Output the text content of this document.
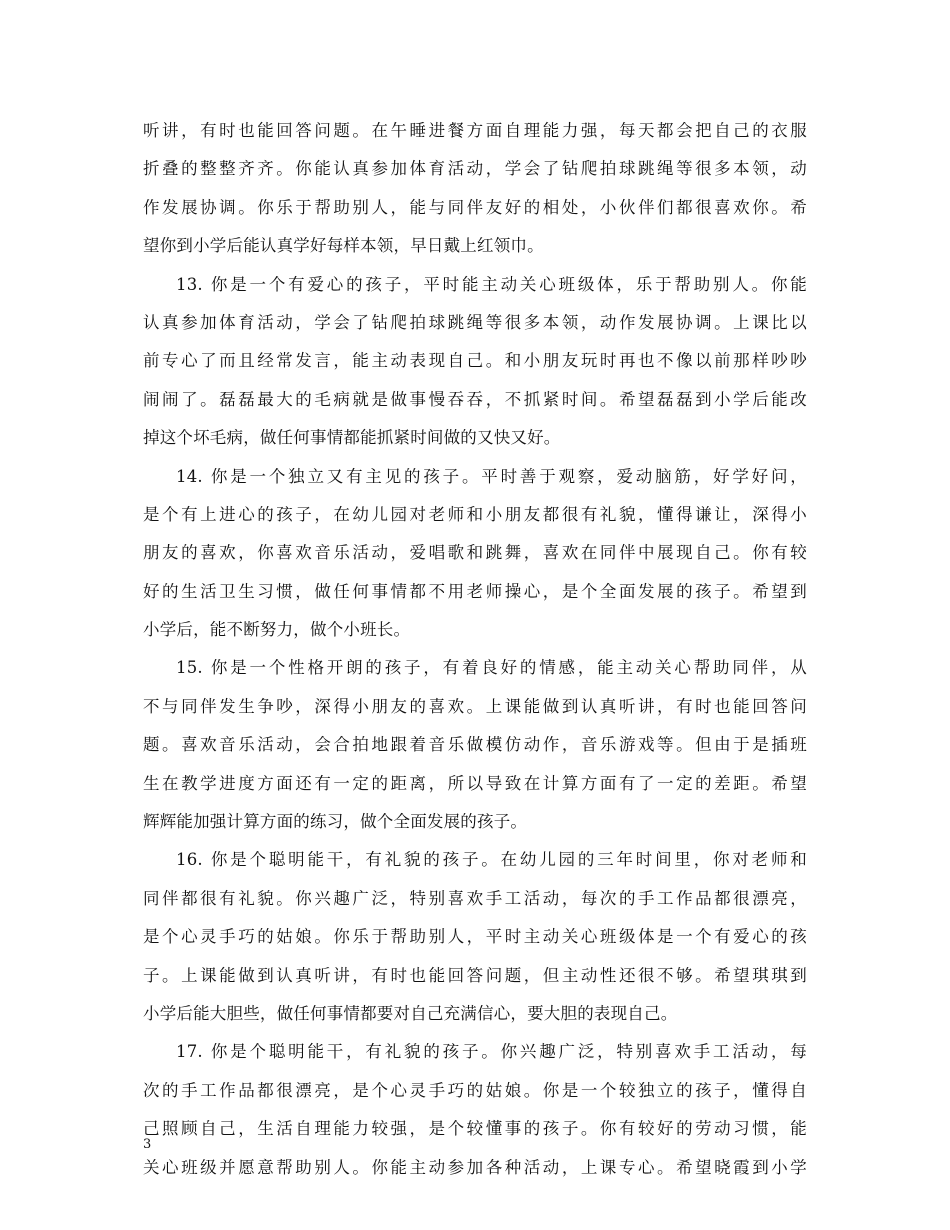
听讲，有时也能回答问题。在午睡进餐方面自理能力强，每天都会把自己的衣服
折叠的整整齐齐。你能认真参加体育活动，学会了钻爬拍球跳绳等很多本领，动
作发展协调。你乐于帮助别人，能与同伴友好的相处，小伙伴们都很喜欢你。希
望你到小学后能认真学好每样本领，早日戴上红领巾。
13. 你是一个有爱心的孩子，平时能主动关心班级体，乐于帮助别人。你能
认真参加体育活动，学会了钻爬拍球跳绳等很多本领，动作发展协调。上课比以
前专心了而且经常发言，能主动表现自己。和小朋友玩时再也不像以前那样吵吵
闹闹了。磊磊最大的毛病就是做事慢吞吞，不抓紧时间。希望磊磊到小学后能改
掉这个坏毛病，做任何事情都能抓紧时间做的又快又好。
14. 你是一个独立又有主见的孩子。平时善于观察，爱动脑筋，好学好问，
是个有上进心的孩子，在幼儿园对老师和小朋友都很有礼貌，懂得谦让，深得小
朋友的喜欢，你喜欢音乐活动，爱唱歌和跳舞，喜欢在同伴中展现自己。你有较
好的生活卫生习惯，做任何事情都不用老师操心，是个全面发展的孩子。希望到
小学后，能不断努力，做个小班长。
15. 你是一个性格开朗的孩子，有着良好的情感，能主动关心帮助同伴，从
不与同伴发生争吵，深得小朋友的喜欢。上课能做到认真听讲，有时也能回答问
题。喜欢音乐活动，会合拍地跟着音乐做模仿动作，音乐游戏等。但由于是插班
生在教学进度方面还有一定的距离，所以导致在计算方面有了一定的差距。希望
辉辉能加强计算方面的练习，做个全面发展的孩子。
16. 你是个聪明能干，有礼貌的孩子。在幼儿园的三年时间里，你对老师和
同伴都很有礼貌。你兴趣广泛，特别喜欢手工活动，每次的手工作品都很漂亮，
是个心灵手巧的姑娘。你乐于帮助别人，平时主动关心班级体是一个有爱心的孩
子。上课能做到认真听讲，有时也能回答问题，但主动性还很不够。希望琪琪到
小学后能大胆些，做任何事情都要对自己充满信心，要大胆的表现自己。
17. 你是个聪明能干，有礼貌的孩子。你兴趣广泛，特别喜欢手工活动，每
次的手工作品都很漂亮，是个心灵手巧的姑娘。你是一个较独立的孩子，懂得自
己照顾自己，生活自理能力较强，是个较懂事的孩子。你有较好的劳动习惯，能
关心班级并愿意帮助别人。你能主动参加各种活动，上课专心。希望晓霞到小学
3
